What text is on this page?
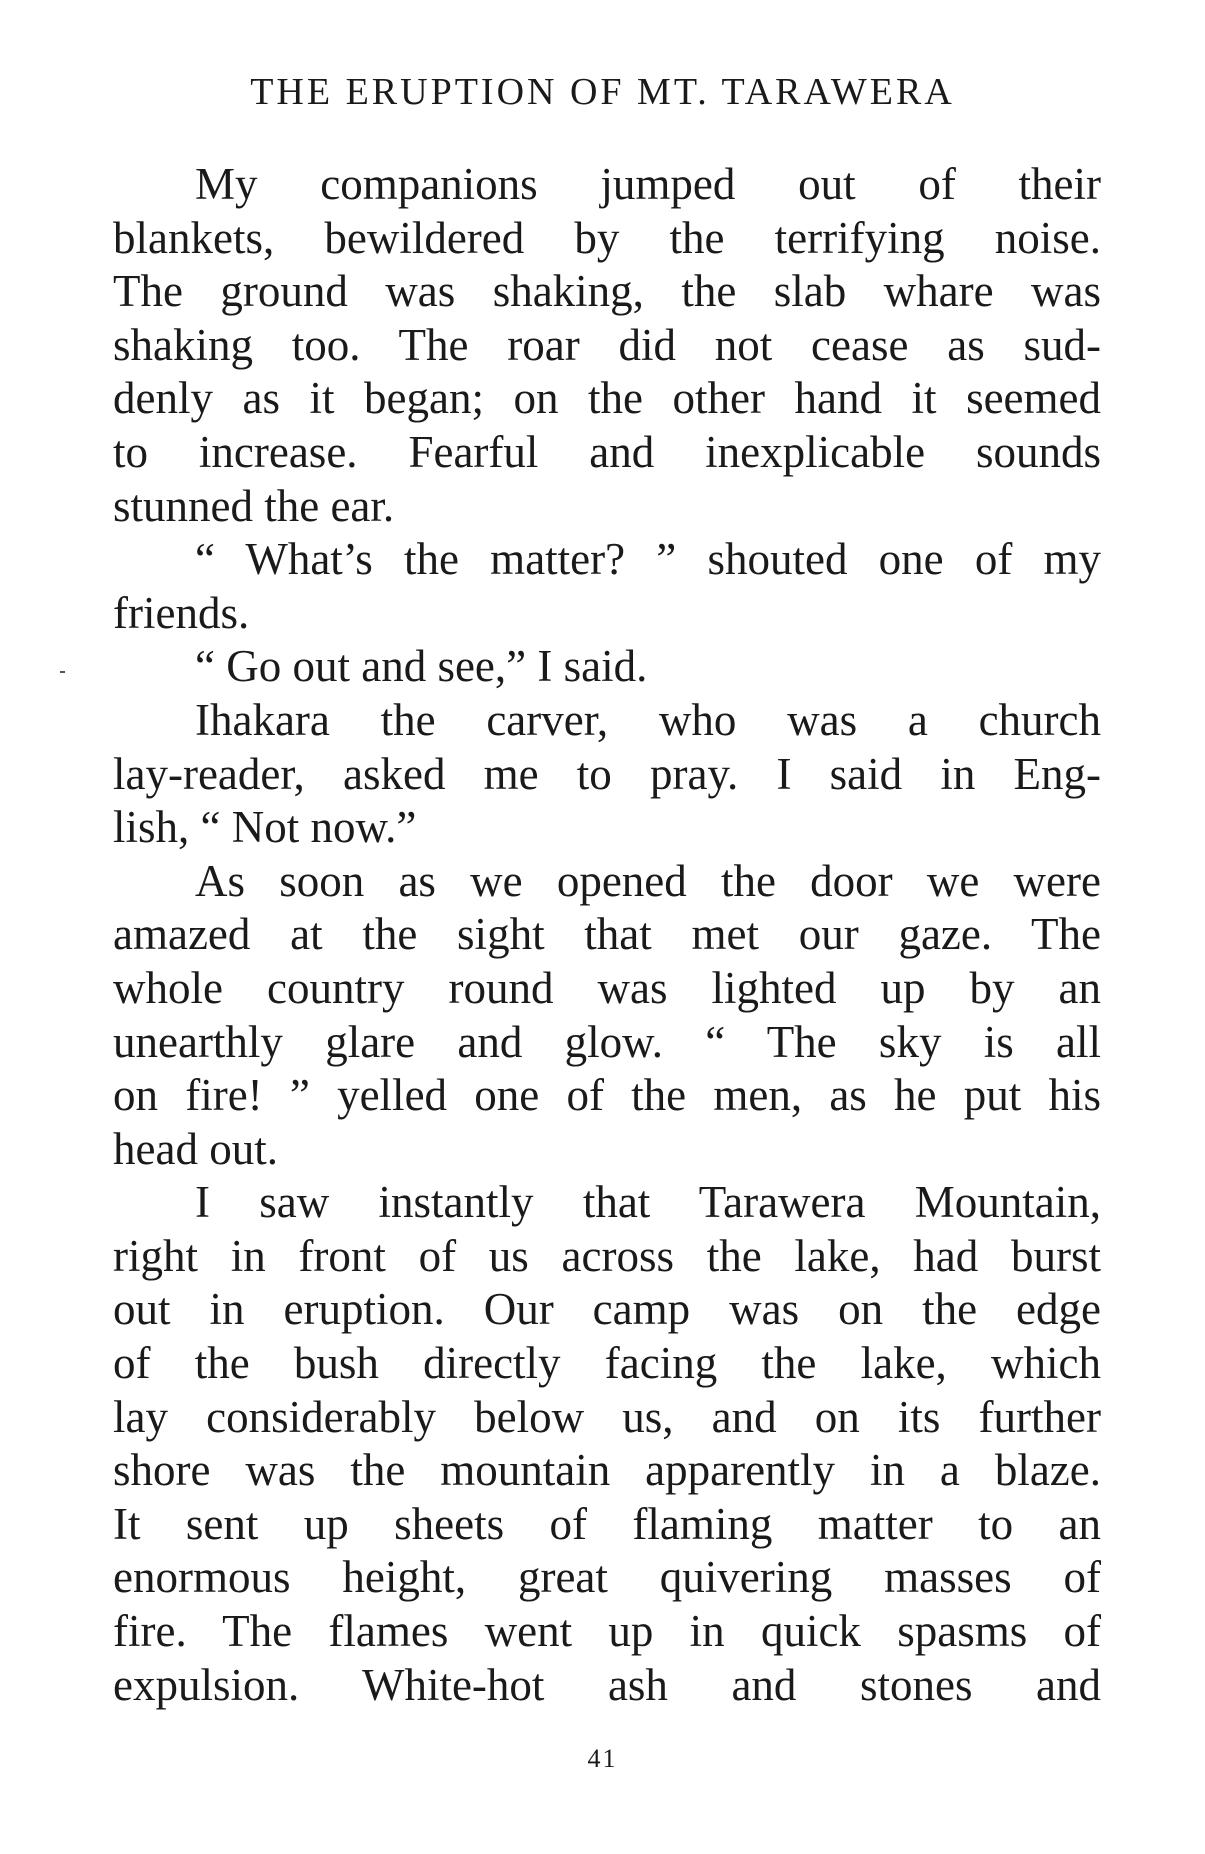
THE ERUPTION OF MT. TARAWERA
My companions jumped out of their
blankets, bewildered by the terrifying noise.
The ground was shaking, the slab whare was
shaking too. The roar did not cease as sud-
denly as it began; on the other hand it seemed
to increase. Fearful and inexplicable sounds
stunned the ear.
“ What’s the matter? ” shouted one of my
friends.
“ Go out and see,” I said.
Ihakara the carver, who was a church
lay-reader, asked me to pray. I said in Eng-
lish, “ Not now.”
As soon as we opened the door we were
amazed at the sight that met our gaze. The
whole country round was lighted up by an
unearthly glare and glow. “ The sky is all
on fire! ” yelled one of the men, as he put his
head out.
I saw instantly that Tarawera Mountain,
right in front of us across the lake, had burst
out in eruption. Our camp was on the edge
of the bush directly facing the lake, which
lay considerably below us, and on its further
shore was the mountain apparently in a blaze.
It sent up sheets of flaming matter to an
enormous height, great quivering masses of
fire. The flames went up in quick spasms of
expulsion. White-hot ash and stones and
41
